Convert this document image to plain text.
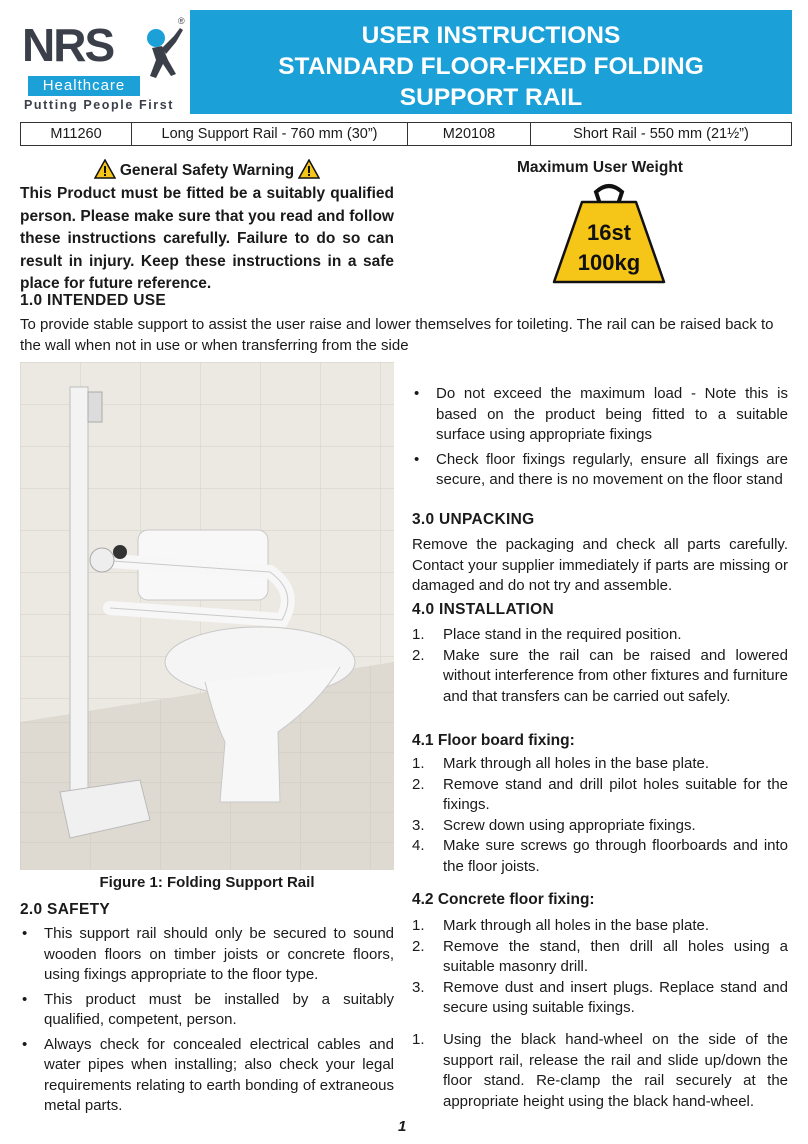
NRS	®
Healthcare
Putting People First
USER INSTRUCTIONS
STANDARD FLOOR-FIXED FOLDING
SUPPORT RAIL
M11260	Long Support Rail - 760 mm (30”)	M20108	Short Rail - 550 mm (21½”)
General Safety Warning
This Product must be fitted be a suitably qualified person. Please make sure that you read and follow these instructions carefully. Failure to do so can result in injury. Keep these instructions in a safe place for future reference.
Maximum User Weight
16st
100kg
1.0 INTENDED USE
To provide stable support to assist the user raise and lower themselves for toileting. The rail can be raised back to the wall when not in use or when transferring from the side
Figure 1: Folding Support Rail
2.0 SAFETY
• This support rail should only be secured to sound wooden floors on timber joists or concrete floors, using fixings appropriate to the floor type.
• This product must be installed by a suitably qualified, competent, person.
• Always check for concealed electrical cables and water pipes when installing; also check your legal requirements relating to earth bonding of extraneous metal parts.
• Do not exceed the maximum load - Note this is based on the product being fitted to a suitable surface using appropriate fixings
• Check floor fixings regularly, ensure all fixings are secure, and there is no movement on the floor stand
3.0 UNPACKING
Remove the packaging and check all parts carefully. Contact your supplier immediately if parts are missing or damaged and do not try and assemble.
4.0 INSTALLATION
1. Place stand in the required position.
2. Make sure the rail can be raised and lowered without interference from other fixtures and furniture and that transfers can be carried out safely.
4.1 Floor board fixing:
1. Mark through all holes in the base plate.
2. Remove stand and drill pilot holes suitable for the fixings.
3. Screw down using appropriate fixings.
4. Make sure screws go through floorboards and into the floor joists.
4.2 Concrete floor fixing:
1. Mark through all holes in the base plate.
2. Remove the stand, then drill all holes using a suitable masonry drill.
3. Remove dust and insert plugs. Replace stand and secure using suitable fixings.
1. Using the black hand-wheel on the side of the support rail, release the rail and slide up/down the floor stand. Re-clamp the rail securely at the appropriate height using the black hand-wheel.
1
